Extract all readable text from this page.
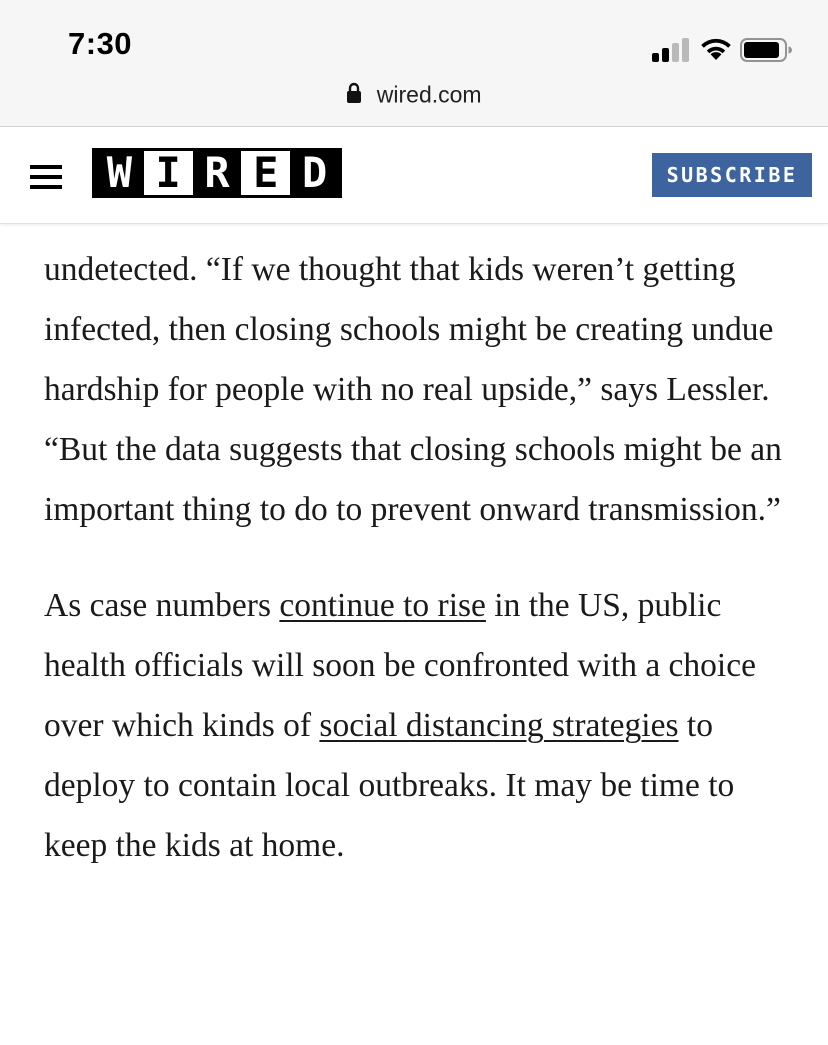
7:30
wired.com
W I R E D	SUBSCRIBE

undetected. “If we thought that kids weren’t getting infected, then closing schools might be creating undue hardship for people with no real upside,” says Lessler. “But the data suggests that closing schools might be an important thing to do to prevent onward transmission.”

As case numbers continue to rise in the US, public health officials will soon be confronted with a choice over which kinds of social distancing strategies to deploy to contain local outbreaks. It may be time to keep the kids at home.
